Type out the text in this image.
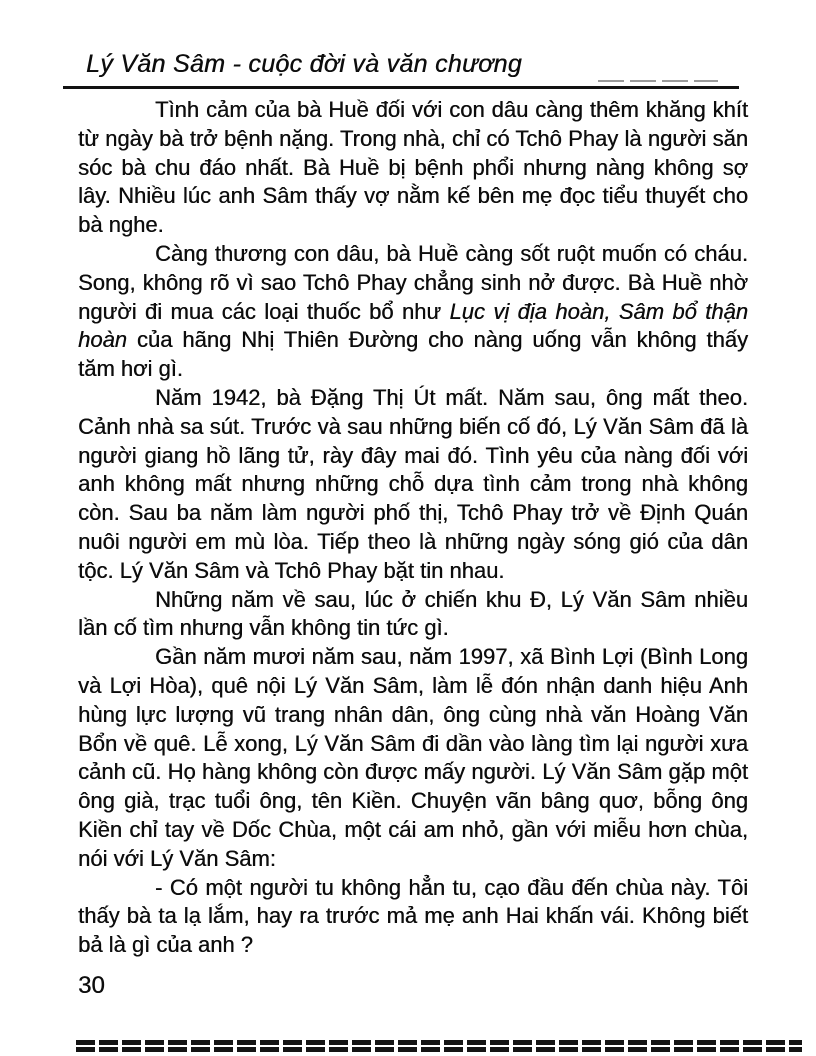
Lý Văn Sâm - cuộc đời và văn chương

Tình cảm của bà Huề đối với con dâu càng thêm khăng khít từ ngày bà trở bệnh nặng. Trong nhà, chỉ có Tchô Phay là người săn sóc bà chu đáo nhất. Bà Huề bị bệnh phổi nhưng nàng không sợ lây. Nhiều lúc anh Sâm thấy vợ nằm kế bên mẹ đọc tiểu thuyết cho bà nghe.

Càng thương con dâu, bà Huề càng sốt ruột muốn có cháu. Song, không rõ vì sao Tchô Phay chẳng sinh nở được. Bà Huề nhờ người đi mua các loại thuốc bổ như Lục vị địa hoàn, Sâm bổ thận hoàn của hãng Nhị Thiên Đường cho nàng uống vẫn không thấy tăm hơi gì.

Năm 1942, bà Đặng Thị Út mất. Năm sau, ông mất theo. Cảnh nhà sa sút. Trước và sau những biến cố đó, Lý Văn Sâm đã là người giang hồ lãng tử, rày đây mai đó. Tình yêu của nàng đối với anh không mất nhưng những chỗ dựa tình cảm trong nhà không còn. Sau ba năm làm người phố thị, Tchô Phay trở về Định Quán nuôi người em mù lòa. Tiếp theo là những ngày sóng gió của dân tộc. Lý Văn Sâm và Tchô Phay bặt tin nhau.

Những năm về sau, lúc ở chiến khu Đ, Lý Văn Sâm nhiều lần cố tìm nhưng vẫn không tin tức gì.

Gần năm mươi năm sau, năm 1997, xã Bình Lợi (Bình Long và Lợi Hòa), quê nội Lý Văn Sâm, làm lễ đón nhận danh hiệu Anh hùng lực lượng vũ trang nhân dân, ông cùng nhà văn Hoàng Văn Bổn về quê. Lễ xong, Lý Văn Sâm đi dần vào làng tìm lại người xưa cảnh cũ. Họ hàng không còn được mấy người. Lý Văn Sâm gặp một ông già, trạc tuổi ông, tên Kiền. Chuyện vãn bâng quơ, bỗng ông Kiền chỉ tay về Dốc Chùa, một cái am nhỏ, gần với miễu hơn chùa, nói với Lý Văn Sâm:

- Có một người tu không hẳn tu, cạo đầu đến chùa này. Tôi thấy bà ta lạ lắm, hay ra trước mả mẹ anh Hai khấn vái. Không biết bả là gì của anh ?

30
